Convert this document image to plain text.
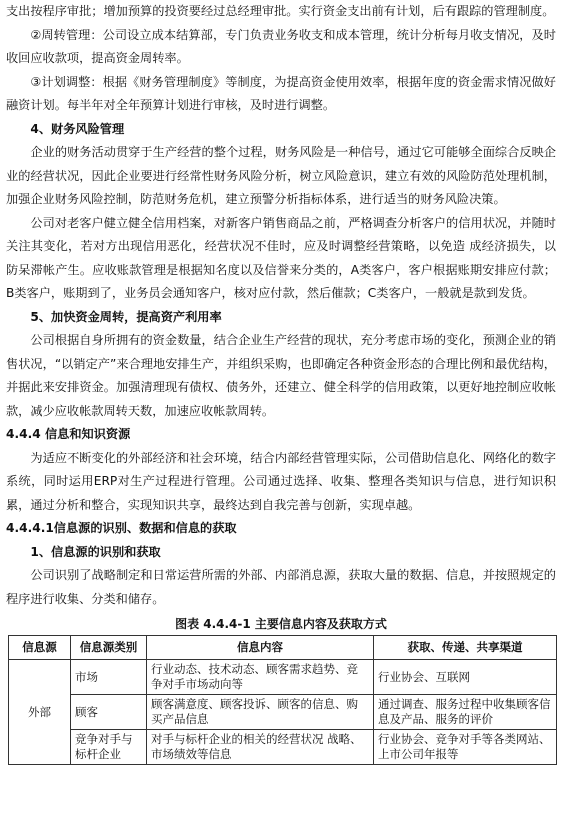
支出按程序审批；增加预算的投资要经过总经理审批。实行资金支出前有计划，后有跟踪的管理制度。

②周转管理：公司设立成本结算部，专门负责业务收支和成本管理，统计分析每月收支情况，及时收回应收款项，提高资金周转率。

③计划调整：根据《财务管理制度》等制度，为提高资金使用效率，根据年度的资金需求情况做好融资计划。每半年对全年预算计划进行审核，及时进行调整。

4、财务风险管理

企业的财务活动贯穿于生产经营的整个过程，财务风险是一种信号，通过它可能够全面综合反映企业的经营状况，因此企业要进行经常性财务风险分析，树立风险意识，建立有效的风险防范处理机制，加强企业财务风险控制，防范财务危机，建立预警分析指标体系，进行适当的财务风险决策。

公司对老客户健立健全信用档案，对新客户销售商品之前，严格调查分析客户的信用状况，并随时关注其变化，若对方出现信用恶化，经营状况不佳时，应及时调整经营策略，以免造 成经济损失，以防呆滞帐产生。应收账款管理是根据知名度以及信誉来分类的，A类客户，客户根据账期安排应付款；B类客户，账期到了，业务员会通知客户，核对应付款，然后催款；C类客户，一般就是款到发货。

5、加快资金周转，提高资产利用率

公司根据自身所拥有的资金数量，结合企业生产经营的现状，充分考虑市场的变化，预测企业的销售状况，“以销定产”来合理地安排生产，并组织采购，也即确定各种资金形态的合理比例和最优结构，并据此来安排资金。加强清理现有债权、债务外，还建立、健全科学的信用政策，以更好地控制应收帐款，减少应收帐款周转天数，加速应收帐款周转。

4.4.4 信息和知识资源

为适应不断变化的外部经济和社会环境，结合内部经营管理实际，公司借助信息化、网络化的数字系统，同时运用ERP对生产过程进行管理。公司通过选择、收集、整理各类知识与信息，进行知识积累，通过分析和整合，实现知识共享，最终达到自我完善与创新，实现卓越。

4.4.4.1信息源的识别、数据和信息的获取
1、信息源的识别和获取

公司识别了战略制定和日常运营所需的外部、内部消息源，获取大量的数据、信息，并按照规定的程序进行收集、分类和储存。

图表 4.4.4-1 主要信息内容及获取方式
信息源	信息源类别	信息内容	获取、传递、共享渠道
外部	市场	行业动态、技术动态、顾客需求趋势、竞争对手市场动向等	行业协会、互联网
	顾客	顾客满意度、顾客投诉、顾客的信息、购买产品信息	通过调查、服务过程中收集顾客信息及产品、服务的评价
	竞争对手与标杆企业	对手与标杆企业的相关的经营状况 战略、市场绩效等信息	行业协会、竞争对手等各类网站、上市公司年报等
